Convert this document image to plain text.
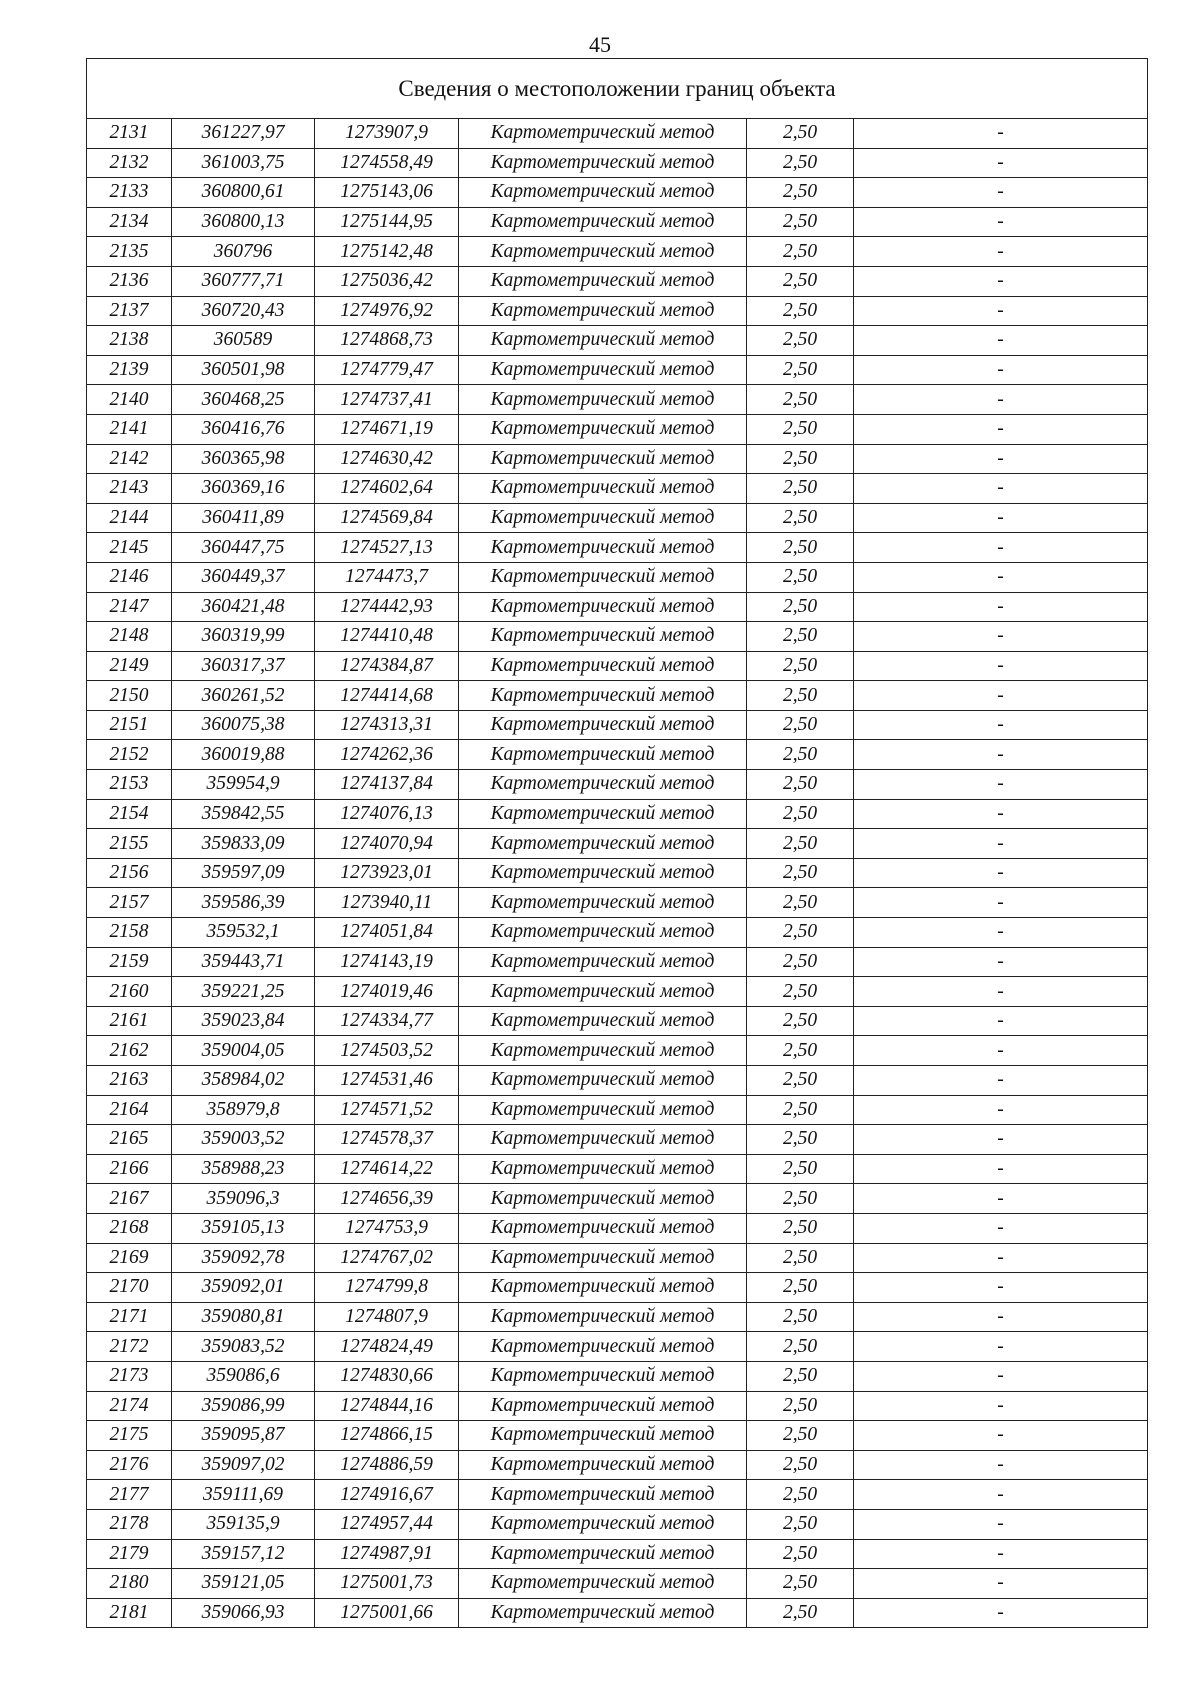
45
Сведения о местоположении границ объекта					
2131	361227,97	1273907,9	Картометрический метод	2,50	-
2132	361003,75	1274558,49	Картометрический метод	2,50	-
2133	360800,61	1275143,06	Картометрический метод	2,50	-
2134	360800,13	1275144,95	Картометрический метод	2,50	-
2135	360796	1275142,48	Картометрический метод	2,50	-
2136	360777,71	1275036,42	Картометрический метод	2,50	-
2137	360720,43	1274976,92	Картометрический метод	2,50	-
2138	360589	1274868,73	Картометрический метод	2,50	-
2139	360501,98	1274779,47	Картометрический метод	2,50	-
2140	360468,25	1274737,41	Картометрический метод	2,50	-
2141	360416,76	1274671,19	Картометрический метод	2,50	-
2142	360365,98	1274630,42	Картометрический метод	2,50	-
2143	360369,16	1274602,64	Картометрический метод	2,50	-
2144	360411,89	1274569,84	Картометрический метод	2,50	-
2145	360447,75	1274527,13	Картометрический метод	2,50	-
2146	360449,37	1274473,7	Картометрический метод	2,50	-
2147	360421,48	1274442,93	Картометрический метод	2,50	-
2148	360319,99	1274410,48	Картометрический метод	2,50	-
2149	360317,37	1274384,87	Картометрический метод	2,50	-
2150	360261,52	1274414,68	Картометрический метод	2,50	-
2151	360075,38	1274313,31	Картометрический метод	2,50	-
2152	360019,88	1274262,36	Картометрический метод	2,50	-
2153	359954,9	1274137,84	Картометрический метод	2,50	-
2154	359842,55	1274076,13	Картометрический метод	2,50	-
2155	359833,09	1274070,94	Картометрический метод	2,50	-
2156	359597,09	1273923,01	Картометрический метод	2,50	-
2157	359586,39	1273940,11	Картометрический метод	2,50	-
2158	359532,1	1274051,84	Картометрический метод	2,50	-
2159	359443,71	1274143,19	Картометрический метод	2,50	-
2160	359221,25	1274019,46	Картометрический метод	2,50	-
2161	359023,84	1274334,77	Картометрический метод	2,50	-
2162	359004,05	1274503,52	Картометрический метод	2,50	-
2163	358984,02	1274531,46	Картометрический метод	2,50	-
2164	358979,8	1274571,52	Картометрический метод	2,50	-
2165	359003,52	1274578,37	Картометрический метод	2,50	-
2166	358988,23	1274614,22	Картометрический метод	2,50	-
2167	359096,3	1274656,39	Картометрический метод	2,50	-
2168	359105,13	1274753,9	Картометрический метод	2,50	-
2169	359092,78	1274767,02	Картометрический метод	2,50	-
2170	359092,01	1274799,8	Картометрический метод	2,50	-
2171	359080,81	1274807,9	Картометрический метод	2,50	-
2172	359083,52	1274824,49	Картометрический метод	2,50	-
2173	359086,6	1274830,66	Картометрический метод	2,50	-
2174	359086,99	1274844,16	Картометрический метод	2,50	-
2175	359095,87	1274866,15	Картометрический метод	2,50	-
2176	359097,02	1274886,59	Картометрический метод	2,50	-
2177	359111,69	1274916,67	Картометрический метод	2,50	-
2178	359135,9	1274957,44	Картометрический метод	2,50	-
2179	359157,12	1274987,91	Картометрический метод	2,50	-
2180	359121,05	1275001,73	Картометрический метод	2,50	-
2181	359066,93	1275001,66	Картометрический метод	2,50	-
